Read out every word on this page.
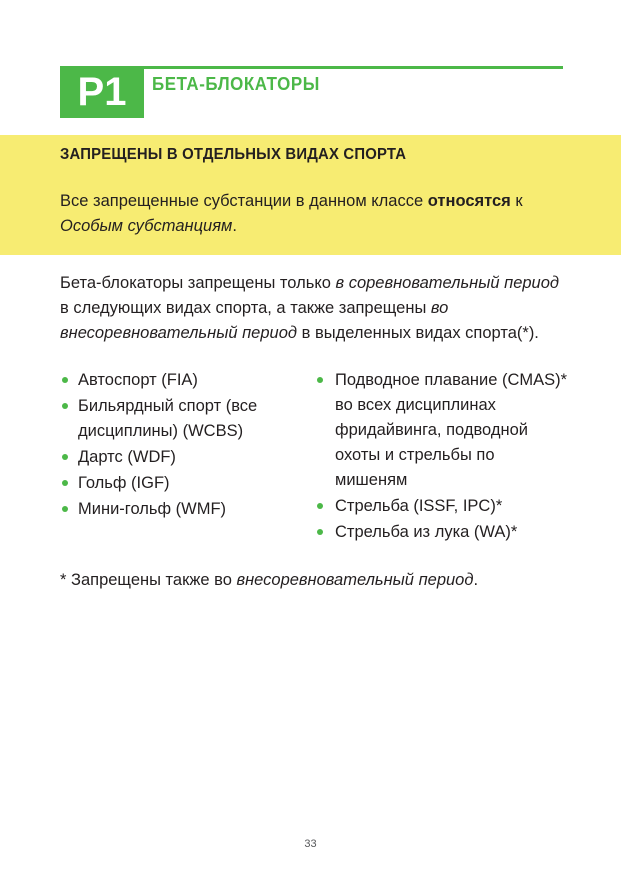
P1	БЕТА-БЛОКАТОРЫ
ЗАПРЕЩЕНЫ В ОТДЕЛЬНЫХ ВИДАХ СПОРТА
Все запрещенные субстанции в данном классе относятся к Особым субстанциям.
Бета-блокаторы запрещены только в соревновательный период в следующих видах спорта, а также запрещены во внесоревновательный период в выделенных видах спорта(*).
Автоспорт (FIA)
Бильярдный спорт (все дисциплины) (WCBS)
Дартс (WDF)
Гольф (IGF)
Мини-гольф (WMF)
Подводное плавание (CMAS)* во всех дисциплинах фридайвинга, подводной охоты и стрельбы по мишеням
Стрельба (ISSF, IPC)*
Стрельба из лука (WA)*
* Запрещены также во внесоревновательный период.
33
